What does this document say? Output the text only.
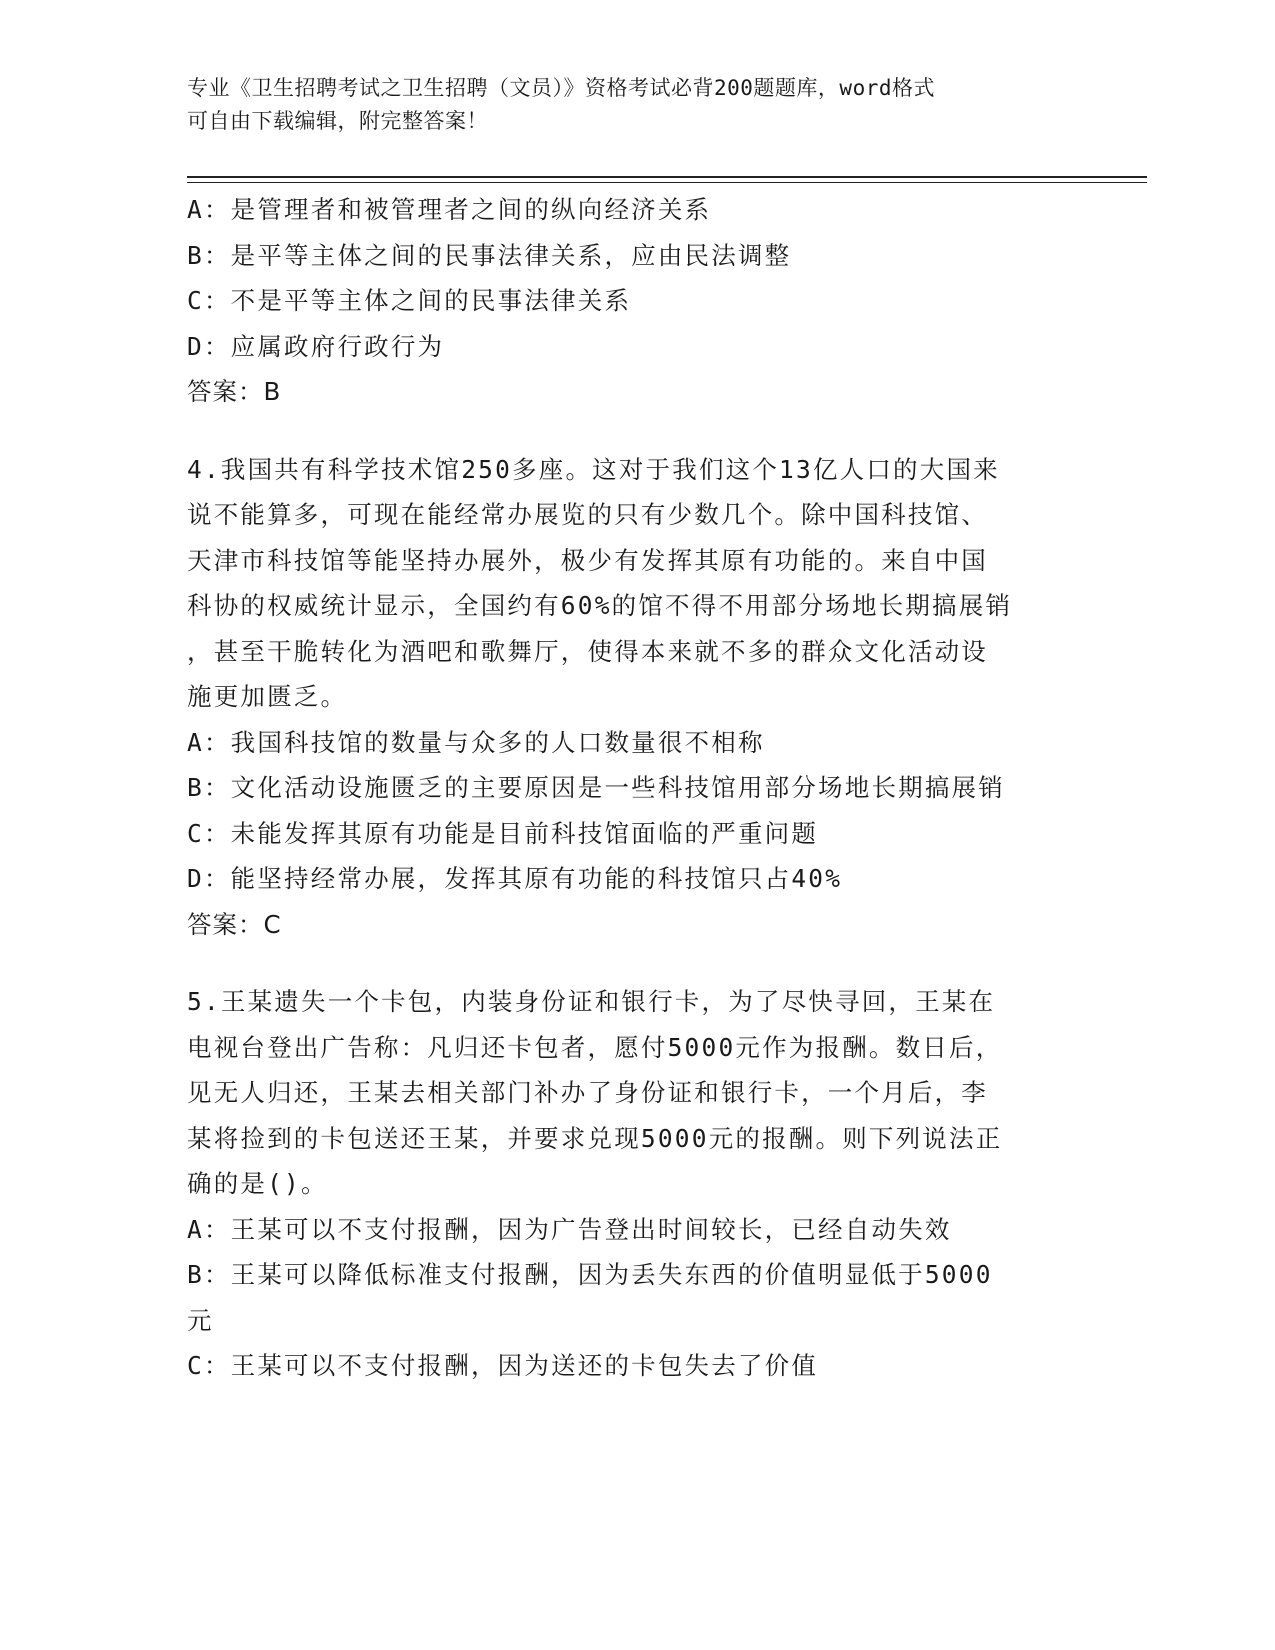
专业《卫生招聘考试之卫生招聘（文员）》资格考试必背200题题库，word格式
可自由下载编辑，附完整答案！
A：是管理者和被管理者之间的纵向经济关系
B：是平等主体之间的民事法律关系，应由民法调整
C：不是平等主体之间的民事法律关系
D：应属政府行政行为
答案：B
4.我国共有科学技术馆250多座。这对于我们这个13亿人口的大国来
说不能算多，可现在能经常办展览的只有少数几个。除中国科技馆、
天津市科技馆等能坚持办展外，极少有发挥其原有功能的。来自中国
科协的权威统计显示，全国约有60%的馆不得不用部分场地长期搞展销
，甚至干脆转化为酒吧和歌舞厅，使得本来就不多的群众文化活动设
施更加匮乏。
A：我国科技馆的数量与众多的人口数量很不相称
B：文化活动设施匮乏的主要原因是一些科技馆用部分场地长期搞展销
C：未能发挥其原有功能是目前科技馆面临的严重问题
D：能坚持经常办展，发挥其原有功能的科技馆只占40%
答案：C
5.王某遗失一个卡包，内装身份证和银行卡，为了尽快寻回，王某在
电视台登出广告称：凡归还卡包者，愿付5000元作为报酬。数日后，
见无人归还，王某去相关部门补办了身份证和银行卡，一个月后，李
某将捡到的卡包送还王某，并要求兑现5000元的报酬。则下列说法正
确的是()。
A：王某可以不支付报酬，因为广告登出时间较长，已经自动失效
B：王某可以降低标准支付报酬，因为丢失东西的价值明显低于5000
元
C：王某可以不支付报酬，因为送还的卡包失去了价值
